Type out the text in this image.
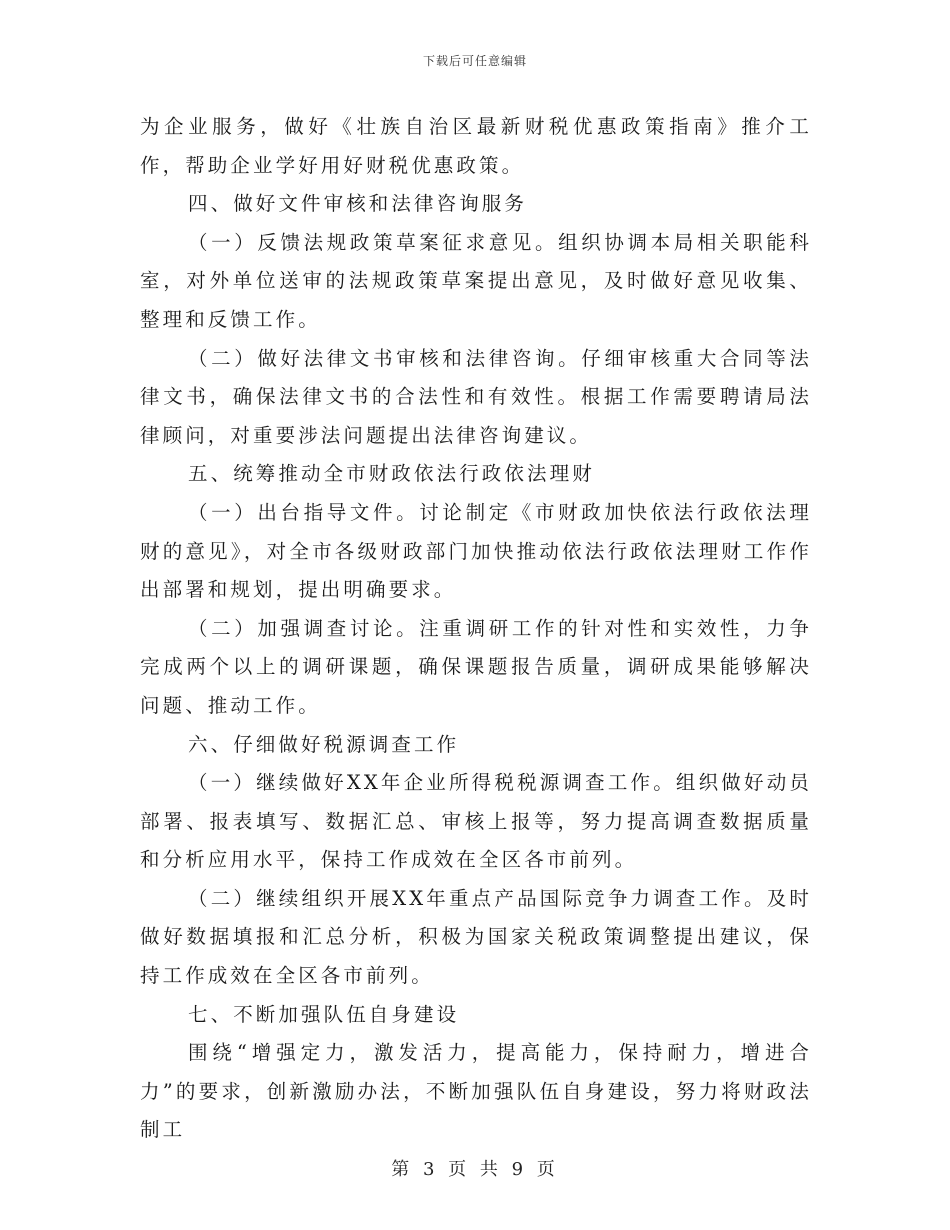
下载后可任意编辑

为企业服务，做好《壮族自治区最新财税优惠政策指南》推介工作，帮助企业学好用好财税优惠政策。

四、做好文件审核和法律咨询服务

（一）反馈法规政策草案征求意见。组织协调本局相关职能科室，对外单位送审的法规政策草案提出意见，及时做好意见收集、整理和反馈工作。

（二）做好法律文书审核和法律咨询。仔细审核重大合同等法律文书，确保法律文书的合法性和有效性。根据工作需要聘请局法律顾问，对重要涉法问题提出法律咨询建议。

五、统筹推动全市财政依法行政依法理财

（一）出台指导文件。讨论制定《市财政加快依法行政依法理财的意见》，对全市各级财政部门加快推动依法行政依法理财工作作出部署和规划，提出明确要求。

（二）加强调查讨论。注重调研工作的针对性和实效性，力争完成两个以上的调研课题，确保课题报告质量，调研成果能够解决问题、推动工作。

六、仔细做好税源调查工作

（一）继续做好XX年企业所得税税源调查工作。组织做好动员部署、报表填写、数据汇总、审核上报等，努力提高调查数据质量和分析应用水平，保持工作成效在全区各市前列。

（二）继续组织开展XX年重点产品国际竞争力调查工作。及时做好数据填报和汇总分析，积极为国家关税政策调整提出建议，保持工作成效在全区各市前列。

七、不断加强队伍自身建设

围绕“增强定力，激发活力，提高能力，保持耐力，增进合力”的要求，创新激励办法，不断加强队伍自身建设，努力将财政法制工

第 3 页 共 9 页
